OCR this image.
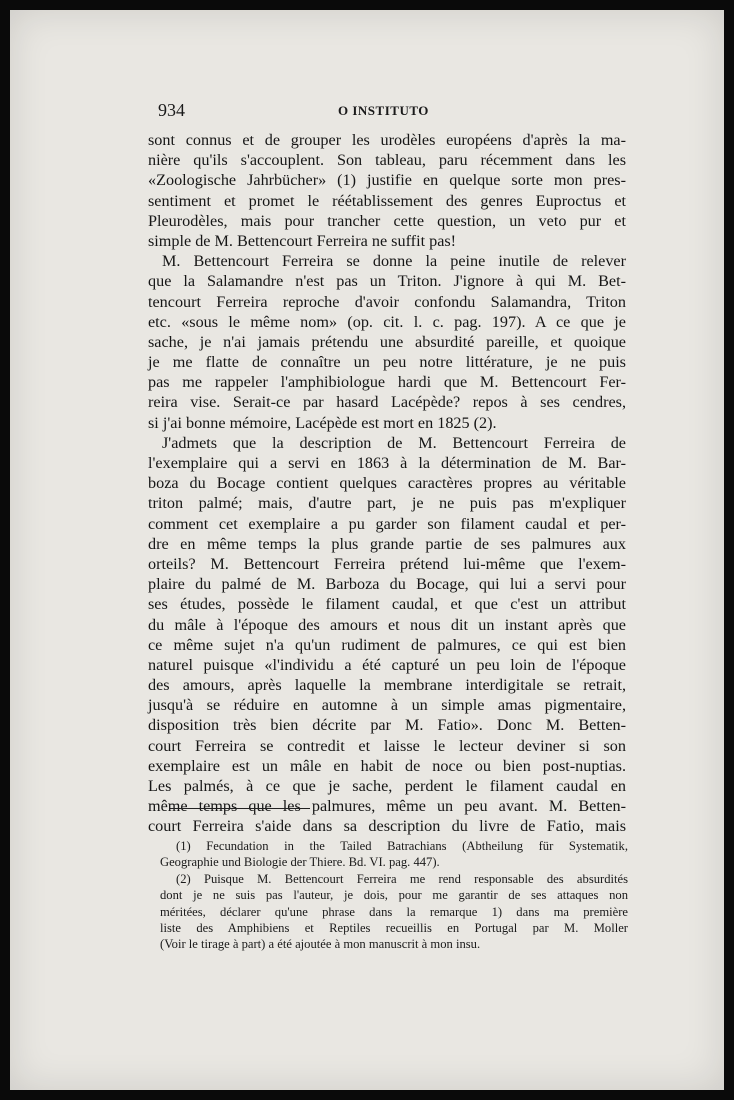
934	O INSTITUTO
sont connus et de grouper les urodèles européens d'après la ma-
nière qu'ils s'accouplent. Son tableau, paru récemment dans les
«Zoologische Jahrbücher» (1) justifie en quelque sorte mon pres-
sentiment et promet le réétablissement des genres Euproctus et
Pleurodèles, mais pour trancher cette question, un veto pur et
simple de M. Bettencourt Ferreira ne suffit pas!
M. Bettencourt Ferreira se donne la peine inutile de relever
que la Salamandre n'est pas un Triton. J'ignore à qui M. Bet-
tencourt Ferreira reproche d'avoir confondu Salamandra, Triton
etc. «sous le même nom» (op. cit. l. c. pag. 197). A ce que je
sache, je n'ai jamais prétendu une absurdité pareille, et quoique
je me flatte de connaître un peu notre littérature, je ne puis
pas me rappeler l'amphibiologue hardi que M. Bettencourt Fer-
reira vise. Serait-ce par hasard Lacépède? repos à ses cendres,
si j'ai bonne mémoire, Lacépède est mort en 1825 (2).
J'admets que la description de M. Bettencourt Ferreira de
l'exemplaire qui a servi en 1863 à la détermination de M. Bar-
boza du Bocage contient quelques caractères propres au véritable
triton palmé; mais, d'autre part, je ne puis pas m'expliquer
comment cet exemplaire a pu garder son filament caudal et per-
dre en même temps la plus grande partie de ses palmures aux
orteils? M. Bettencourt Ferreira prétend lui-même que l'exem-
plaire du palmé de M. Barboza du Bocage, qui lui a servi pour
ses études, possède le filament caudal, et que c'est un attribut
du mâle à l'époque des amours et nous dit un instant après que
ce même sujet n'a qu'un rudiment de palmures, ce qui est bien
naturel puisque «l'individu a été capturé un peu loin de l'époque
des amours, après laquelle la membrane interdigitale se retrait,
jusqu'à se réduire en automne à un simple amas pigmentaire,
disposition très bien décrite par M. Fatio». Donc M. Betten-
court Ferreira se contredit et laisse le lecteur deviner si son
exemplaire est un mâle en habit de noce ou bien post-nuptias.
Les palmés, à ce que je sache, perdent le filament caudal en
même temps que les palmures, même un peu avant. M. Betten-
court Ferreira s'aide dans sa description du livre de Fatio, mais
(1) Fecundation in the Tailed Batrachians (Abtheilung für Systematik,
Geographie und Biologie der Thiere. Bd. VI. pag. 447).
(2) Puisque M. Bettencourt Ferreira me rend responsable des absurdités
dont je ne suis pas l'auteur, je dois, pour me garantir de ses attaques non
méritées, déclarer qu'une phrase dans la remarque 1) dans ma première
liste des Amphibiens et Reptiles recueillis en Portugal par M. Moller
(Voir le tirage à part) a été ajoutée à mon manuscrit à mon insu.
